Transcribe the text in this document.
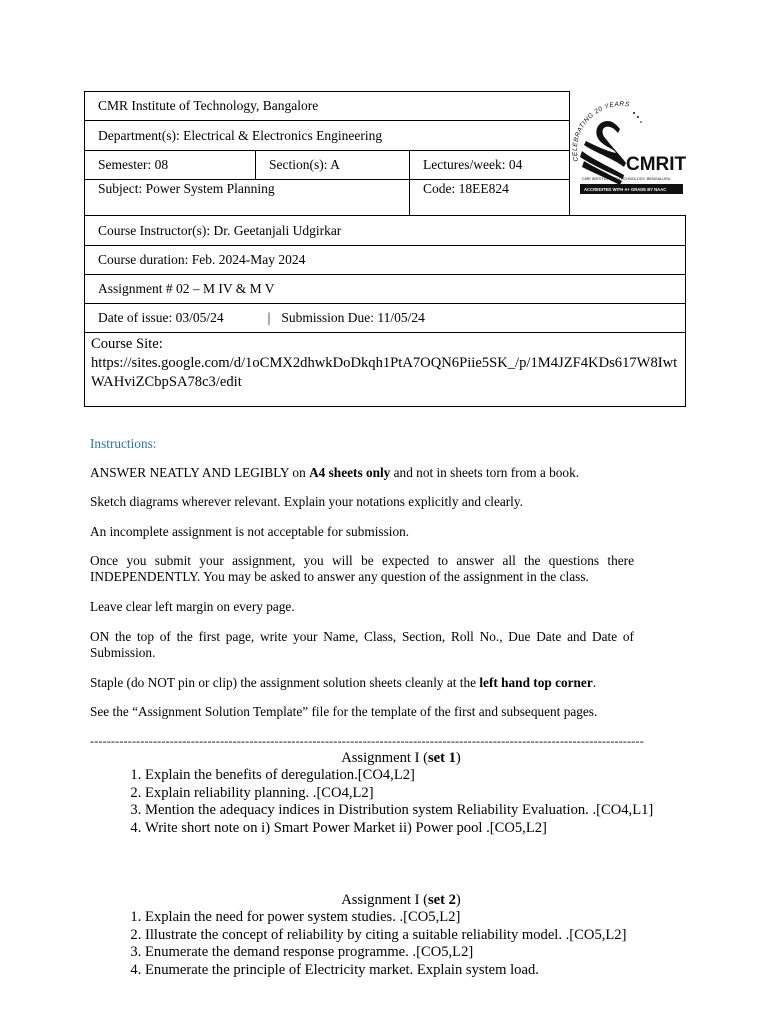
CMR Institute of Technology, Bangalore
Department(s): Electrical & Electronics Engineering
Semester: 08	Section(s): A	Lectures/week: 04
Subject: Power System Planning	Code: 18EE824
Course Instructor(s): Dr. Geetanjali Udgirkar
Course duration: Feb. 2024-May 2024
Assignment # 02 – M IV & M V
Date of issue: 03/05/24	| Submission Due: 11/05/24
Course Site:
https://sites.google.com/d/1oCMX2dhwkDoDkqh1PtA7OQN6Piie5SK_/p/1M4JZF4KDs617W8IwtWAHviZCbpSA78c3/edit
CELEBRATING 20 YEARS
CMRIT
CMR INSTITUTE OF TECHNOLOGY, BENGALURU
ACCREDITED WITH A+ GRADE BY NAAC
Instructions:
ANSWER NEATLY AND LEGIBLY on A4 sheets only and not in sheets torn from a book.
Sketch diagrams wherever relevant. Explain your notations explicitly and clearly.
An incomplete assignment is not acceptable for submission.
Once you submit your assignment, you will be expected to answer all the questions there INDEPENDENTLY. You may be asked to answer any question of the assignment in the class.
Leave clear left margin on every page.
ON the top of the first page, write your Name, Class, Section, Roll No., Due Date and Date of Submission.
Staple (do NOT pin or clip) the assignment solution sheets cleanly at the left hand top corner.
See the “Assignment Solution Template” file for the template of the first and subsequent pages.
------------------------------------------------------------------------------------------------------------------------------------
Assignment I (set 1)
1. Explain the benefits of deregulation.[CO4,L2]
2. Explain reliability planning. .[CO4,L2]
3. Mention the adequacy indices in Distribution system Reliability Evaluation. .[CO4,L1]
4. Write short note on i) Smart Power Market ii) Power pool .[CO5,L2]
Assignment I (set 2)
1. Explain the need for power system studies. .[CO5,L2]
2. Illustrate the concept of reliability by citing a suitable reliability model. .[CO5,L2]
3. Enumerate the demand response programme. .[CO5,L2]
4. Enumerate the principle of Electricity market. Explain system load.
